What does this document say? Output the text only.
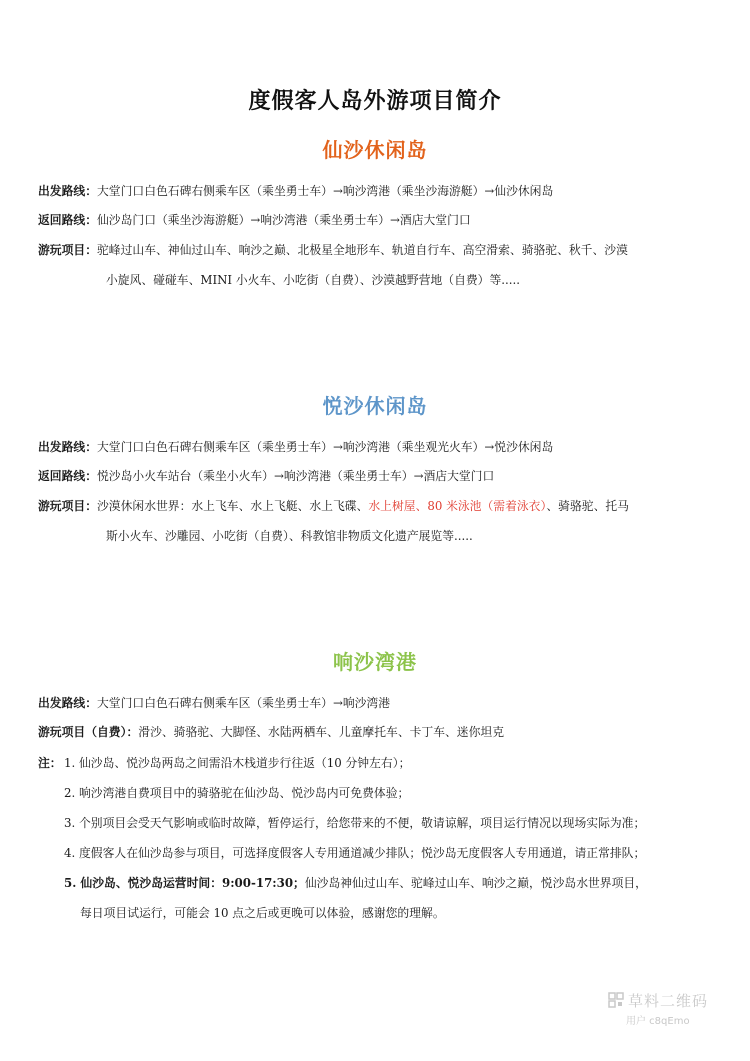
度假客人岛外游项目简介
仙沙休闲岛
出发路线：大堂门口白色石碑右侧乘车区（乘坐勇士车）→响沙湾港（乘坐沙海游艇）→仙沙休闲岛
返回路线：仙沙岛门口（乘坐沙海游艇）→响沙湾港（乘坐勇士车）→酒店大堂门口
游玩项目：驼峰过山车、神仙过山车、响沙之巅、北极星全地形车、轨道自行车、高空滑索、骑骆驼、秋千、沙漠
小旋风、碰碰车、MINI 小火车、小吃街（自费）、沙漠越野营地（自费）等.....
悦沙休闲岛
出发路线：大堂门口白色石碑右侧乘车区（乘坐勇士车）→响沙湾港（乘坐观光火车）→悦沙休闲岛
返回路线：悦沙岛小火车站台（乘坐小火车）→响沙湾港（乘坐勇士车）→酒店大堂门口
游玩项目：沙漠休闲水世界：水上飞车、水上飞艇、水上飞碟、水上树屋、80 米泳池（需着泳衣）、骑骆驼、托马
斯小火车、沙雕园、小吃街（自费）、科教馆非物质文化遗产展览等.....
响沙湾港
出发路线：大堂门口白色石碑右侧乘车区（乘坐勇士车）→响沙湾港
游玩项目（自费）：滑沙、骑骆驼、大脚怪、水陆两栖车、儿童摩托车、卡丁车、迷你坦克
注： 1. 仙沙岛、悦沙岛两岛之间需沿木栈道步行往返（10 分钟左右）；
2. 响沙湾港自费项目中的骑骆驼在仙沙岛、悦沙岛内可免费体验；
3. 个别项目会受天气影响或临时故障，暂停运行，给您带来的不便，敬请谅解，项目运行情况以现场实际为准；
4. 度假客人在仙沙岛参与项目，可选择度假客人专用通道减少排队；悦沙岛无度假客人专用通道，请正常排队；
5. 仙沙岛、悦沙岛运营时间：9:00-17:30；仙沙岛神仙过山车、驼峰过山车、响沙之巅，悦沙岛水世界项目，
每日项目试运行，可能会 10 点之后或更晚可以体验，感谢您的理解。
草料二维码
用户 c8qEmo
